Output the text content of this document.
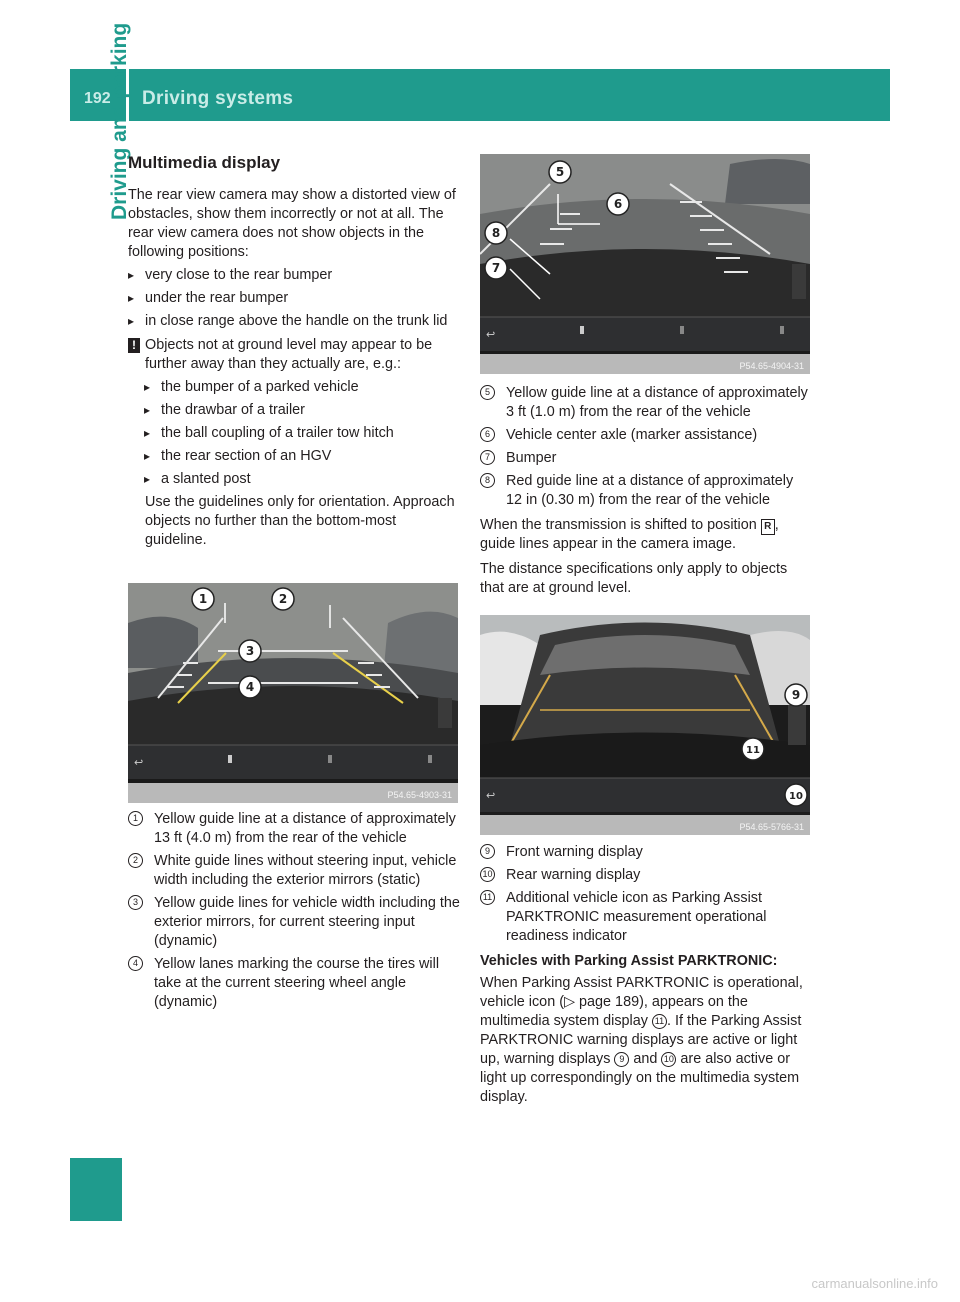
192 Driving systems
Driving and parking
Multimedia display

The rear view camera may show a distorted view of obstacles, show them incorrectly or not at all. The rear view camera does not show objects in the following positions:

▸ very close to the rear bumper

▸ under the rear bumper

▸ in close range above the handle on the trunk lid

! Objects not at ground level may appear to be further away than they actually are, e.g.:

▸ the bumper of a parked vehicle

▸ the drawbar of a trailer

▸ the ball coupling of a trailer tow hitch

▸ the rear section of an HGV

▸ a slanted post

Use the guidelines only for orientation. Approach objects no further than the bottom-most guideline.

↩
1	2
3
4
P54.65-4903-31
1	Yellow guide line at a distance of approximately 13 ft (4.0 m) from the rear of the vehicle
2	White guide lines without steering input, vehicle width including the exterior mirrors (static)
3	Yellow guide lines for vehicle width including the exterior mirrors, for current steering input (dynamic)
4	Yellow lanes marking the course the tires will take at the current steering wheel angle (dynamic)
↩
5
6
8
7
P54.65-4904-31
5	Yellow guide line at a distance of approximately 3 ft (1.0 m) from the rear of the vehicle
6	Vehicle center axle (marker assistance)
7	Bumper
8	Red guide line at a distance of approximately 12 in (0.30 m) from the rear of the vehicle

When the transmission is shifted to position R , guide lines appear in the camera image.

The distance specifications only apply to objects that are at ground level.

↩
9
11
10
P54.65-5766-31
9	Front warning display
10 Rear warning display
11 Additional vehicle icon as Parking Assist PARKTRONIC measurement operational readiness indicator

Vehicles with Parking Assist PARKTRONIC:

When Parking Assist PARKTRONIC is operational, vehicle icon (▷ page 189), appears on the multimedia system display 11 . If the Parking Assist PARKTRONIC warning displays are active or light up, warning displays 9 and 10 are also active or light up correspondingly on the multimedia system display.

carmanualsonline.info
